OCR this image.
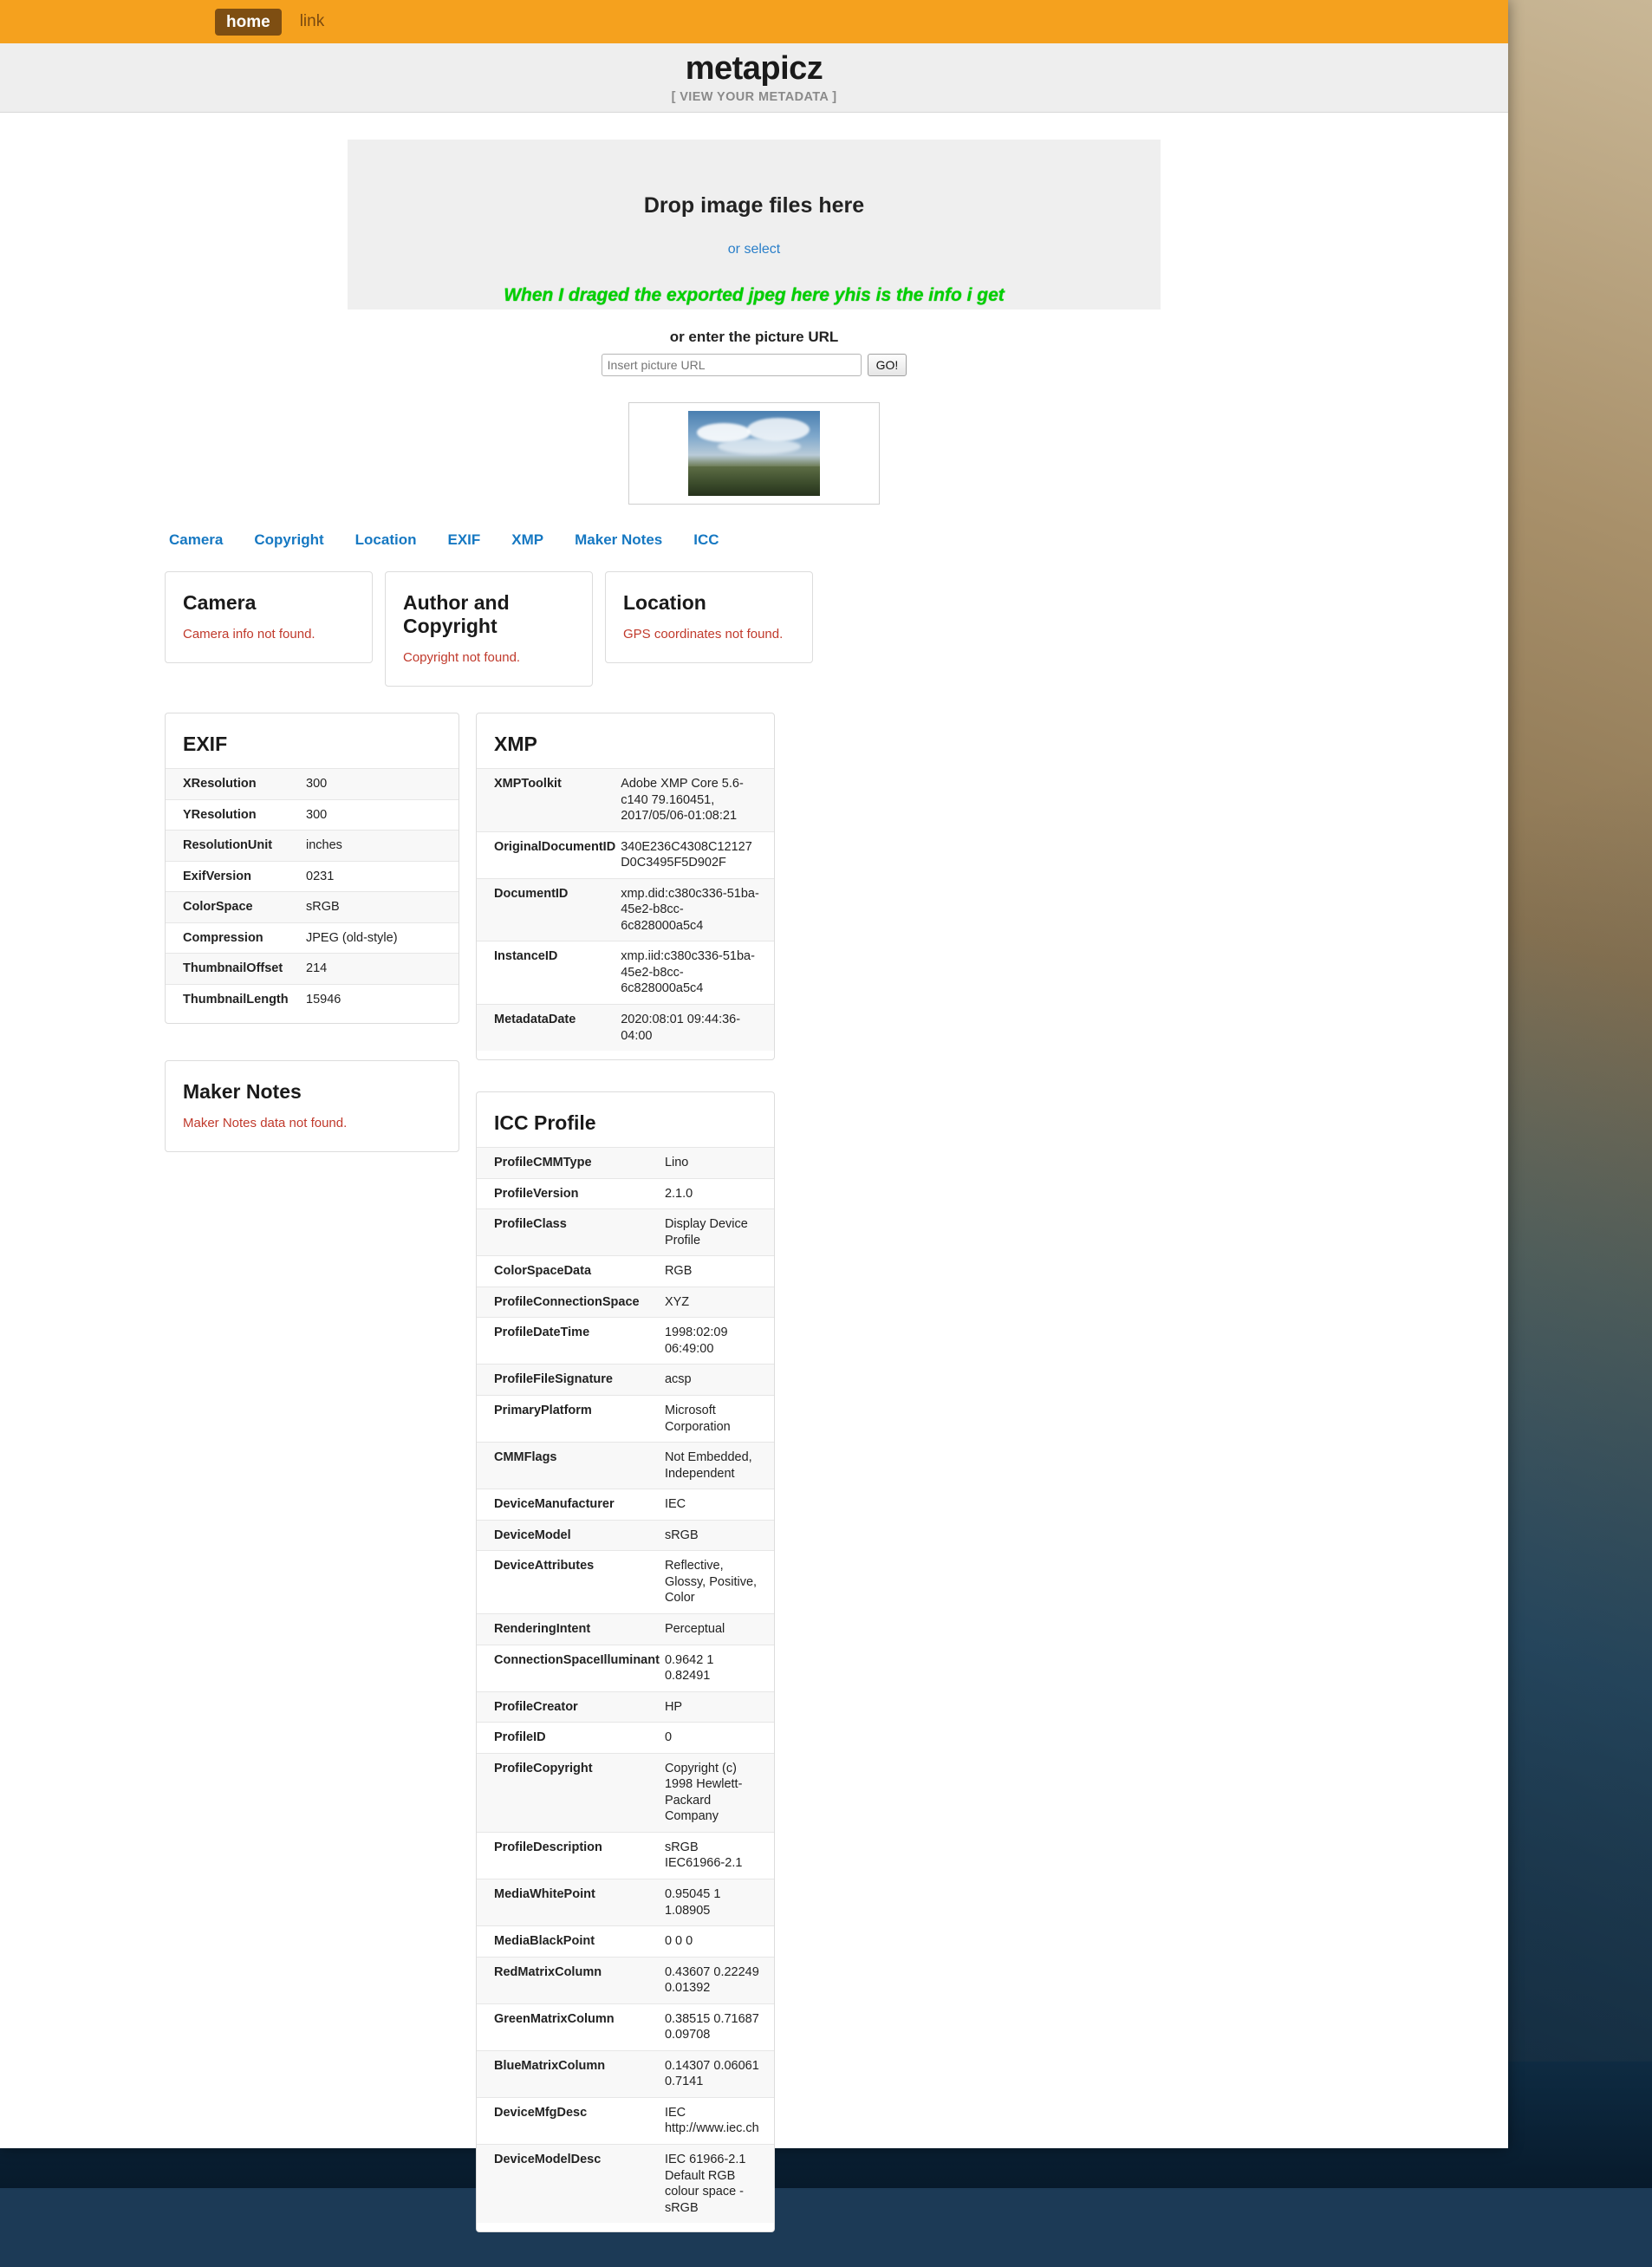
home	link
metapicz
[ VIEW YOUR METADATA ]
Drop image files here
or select
When I draged the exported jpeg here yhis is the info i get
or enter the picture URL
Insert picture URL
GO!
Camera Copyright Location EXIF XMP Maker Notes ICC
Camera
Camera info not found.
Author and Copyright
Copyright not found.
Location
GPS coordinates not found.
EXIF
XResolution	300
YResolution	300
ResolutionUnit	inches
ExifVersion	0231
ColorSpace	sRGB
Compression	JPEG (old-style)
ThumbnailOffset	214
ThumbnailLength	15946
Maker Notes
Maker Notes data not found.
XMP
XMPToolkit	Adobe XMP Core 5.6-c140 79.160451, 2017/05/06-01:08:21
OriginalDocumentID	340E236C4308C12127D0C3495F5D902F
DocumentID	xmp.did:c380c336-51ba-45e2-b8cc-6c828000a5c4
InstanceID	xmp.iid:c380c336-51ba-45e2-b8cc-6c828000a5c4
MetadataDate	2020:08:01 09:44:36-04:00
ICC Profile
ProfileCMMType	Lino
ProfileVersion	2.1.0
ProfileClass	Display Device Profile
ColorSpaceData	RGB
ProfileConnectionSpace	XYZ
ProfileDateTime	1998:02:09 06:49:00
ProfileFileSignature	acsp
PrimaryPlatform	Microsoft Corporation
CMMFlags	Not Embedded, Independent
DeviceManufacturer	IEC
DeviceModel	sRGB
DeviceAttributes	Reflective, Glossy, Positive, Color
RenderingIntent	Perceptual
ConnectionSpaceIlluminant	0.9642 1 0.82491
ProfileCreator	HP
ProfileID	0
ProfileCopyright	Copyright (c) 1998 Hewlett-Packard Company
ProfileDescription	sRGB IEC61966-2.1
MediaWhitePoint	0.95045 1 1.08905
MediaBlackPoint	0 0 0
RedMatrixColumn	0.43607 0.22249 0.01392
GreenMatrixColumn	0.38515 0.71687 0.09708
BlueMatrixColumn	0.14307 0.06061 0.7141
DeviceMfgDesc	IEC http://www.iec.ch
DeviceModelDesc	IEC 61966-2.1 Default RGB colour space - sRGB
